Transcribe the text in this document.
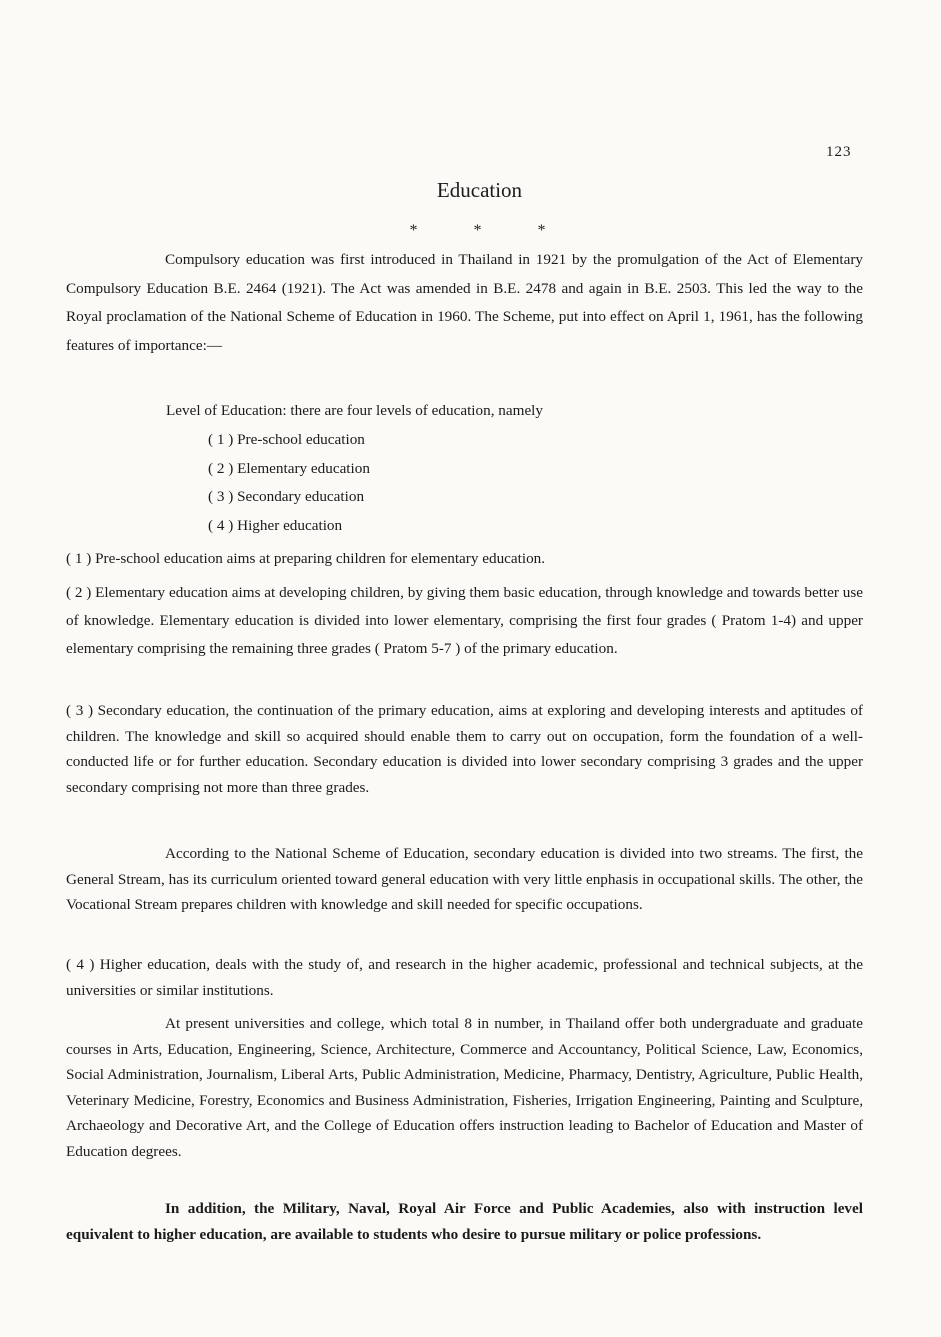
123
Education
* * *

Compulsory education was first introduced in Thailand in 1921 by the promulgation of the Act of Elementary Compulsory Education B.E. 2464 (1921). The Act was amended in B.E. 2478 and again in B.E. 2503. This led the way to the Royal proclamation of the National Scheme of Education in 1960. The Scheme, put into effect on April 1, 1961, has the following features of importance:—

Level of Education: there are four levels of education, namely
( 1 ) Pre-school education
( 2 ) Elementary education
( 3 ) Secondary education
( 4 ) Higher education

( 1 ) Pre-school education aims at preparing children for elementary education.

( 2 ) Elementary education aims at developing children, by giving them basic education, through knowledge and towards better use of knowledge. Elementary education is divided into lower elementary, comprising the first four grades ( Pratom 1-4) and upper elementary comprising the remaining three grades ( Pratom 5-7 ) of the primary education.

( 3 ) Secondary education, the continuation of the primary education, aims at exploring and developing interests and aptitudes of children. The knowledge and skill so acquired should enable them to carry out on occupation, form the foundation of a well-conducted life or for further education. Secondary education is divided into lower secondary comprising 3 grades and the upper secondary comprising not more than three grades.

According to the National Scheme of Education, secondary education is divided into two streams. The first, the General Stream, has its curriculum oriented toward general education with very little enphasis in occupational skills. The other, the Vocational Stream prepares children with knowledge and skill needed for specific occupations.

( 4 ) Higher education, deals with the study of, and research in the higher academic, professional and technical subjects, at the universities or similar institutions.

At present universities and college, which total 8 in number, in Thailand offer both undergraduate and graduate courses in Arts, Education, Engineering, Science, Architecture, Commerce and Accountancy, Political Science, Law, Economics, Social Administration, Journalism, Liberal Arts, Public Administration, Medicine, Pharmacy, Dentistry, Agriculture, Public Health, Veterinary Medicine, Forestry, Economics and Business Administration, Fisheries, Irrigation Engineering, Painting and Sculpture, Archaeology and Decorative Art, and the College of Education offers instruction leading to Bachelor of Education and Master of Education degrees.

In addition, the Military, Naval, Royal Air Force and Public Academies, also with instruction level equivalent to higher education, are available to students who desire to pursue military or police professions.
